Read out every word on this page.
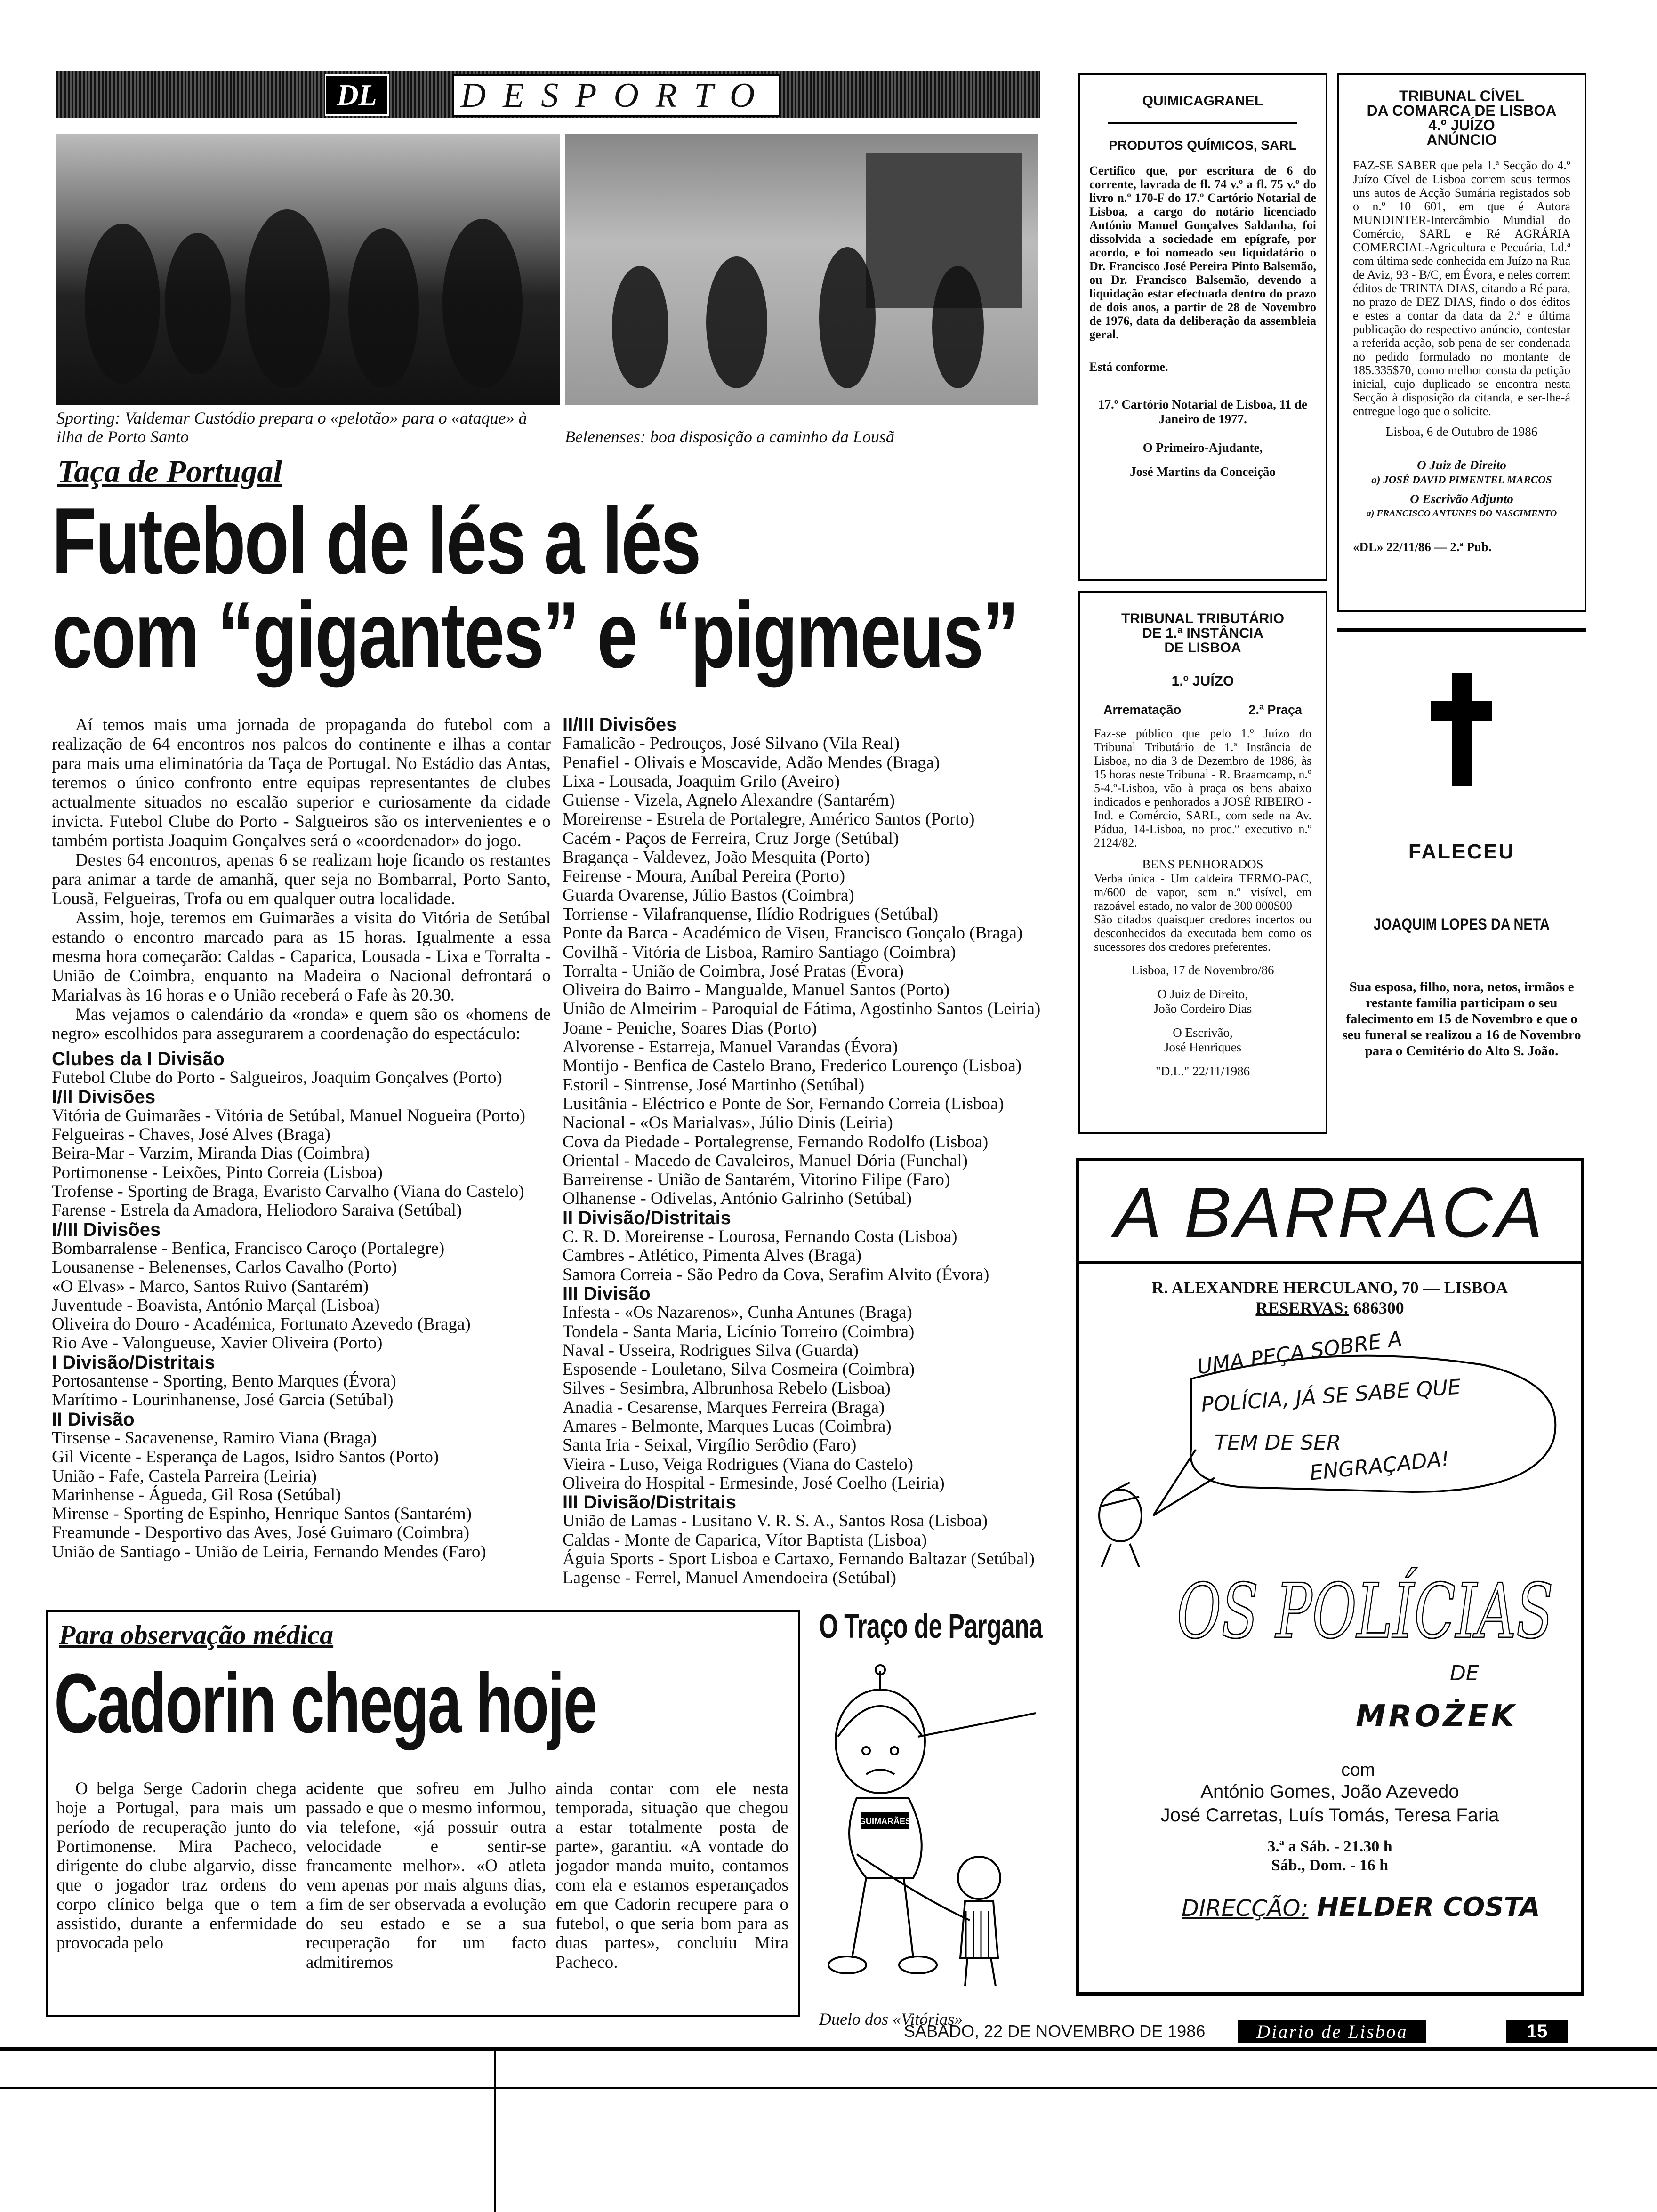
DL DESPORTO
Sporting: Valdemar Custódio prepara o «pelotão» para o «ataque» à ilha de Porto Santo	Belenenses: boa disposição a caminho da Lousã
Taça de Portugal
Futebol de lés a lés
com “gigantes” e “pigmeus”

Aí temos mais uma jornada de propaganda do futebol com a realização de 64 encontros nos palcos do continente e ilhas a contar para mais uma eliminatória da Taça de Portugal. No Estádio das Antas, teremos o único confronto entre equipas representantes de clubes actualmente situados no escalão superior e curiosamente da cidade invicta. Futebol Clube do Porto - Salgueiros são os intervenientes e o também portista Joaquim Gonçalves será o «coordenador» do jogo.

Destes 64 encontros, apenas 6 se realizam hoje ficando os restantes para animar a tarde de amanhã, quer seja no Bombarral, Porto Santo, Lousã, Felgueiras, Trofa ou em qualquer outra localidade.

Assim, hoje, teremos em Guimarães a visita do Vitória de Setúbal estando o encontro marcado para as 15 horas. Igualmente a essa mesma hora começarão: Caldas - Caparica, Lousada - Lixa e Torralta - União de Coimbra, enquanto na Madeira o Nacional defrontará o Marialvas às 16 horas e o União receberá o Fafe às 20.30.

Mas vejamos o calendário da «ronda» e quem são os «homens de negro» escolhidos para assegurarem a coordenação do espectáculo:

Clubes da I Divisão
Futebol Clube do Porto - Salgueiros, Joaquim Gonçalves (Porto)
I/II Divisões
Vitória de Guimarães - Vitória de Setúbal, Manuel Nogueira (Porto)
Felgueiras - Chaves, José Alves (Braga)
Beira-Mar - Varzim, Miranda Dias (Coimbra)
Portimonense - Leixões, Pinto Correia (Lisboa)
Trofense - Sporting de Braga, Evaristo Carvalho (Viana do Castelo)
Farense - Estrela da Amadora, Heliodoro Saraiva (Setúbal)
I/III Divisões
Bombarralense - Benfica, Francisco Caroço (Portalegre)
Lousanense - Belenenses, Carlos Cavalho (Porto)
«O Elvas» - Marco, Santos Ruivo (Santarém)
Juventude - Boavista, António Marçal (Lisboa)
Oliveira do Douro - Académica, Fortunato Azevedo (Braga)
Rio Ave - Valongueuse, Xavier Oliveira (Porto)
I Divisão/Distritais
Portosantense - Sporting, Bento Marques (Évora)
Marítimo - Lourinhanense, José Garcia (Setúbal)
II Divisão
Tirsense - Sacavenense, Ramiro Viana (Braga)
Gil Vicente - Esperança de Lagos, Isidro Santos (Porto)
União - Fafe, Castela Parreira (Leiria)
Marinhense - Águeda, Gil Rosa (Setúbal)
Mirense - Sporting de Espinho, Henrique Santos (Santarém)
Freamunde - Desportivo das Aves, José Guimaro (Coimbra)
União de Santiago - União de Leiria, Fernando Mendes (Faro)
II/III Divisões
Famalicão - Pedrouços, José Silvano (Vila Real)
Penafiel - Olivais e Moscavide, Adão Mendes (Braga)
Lixa - Lousada, Joaquim Grilo (Aveiro)
Guiense - Vizela, Agnelo Alexandre (Santarém)
Moreirense - Estrela de Portalegre, Américo Santos (Porto)
Cacém - Paços de Ferreira, Cruz Jorge (Setúbal)
Bragança - Valdevez, João Mesquita (Porto)
Feirense - Moura, Aníbal Pereira (Porto)
Guarda Ovarense, Júlio Bastos (Coimbra)
Torriense - Vilafranquense, Ilídio Rodrigues (Setúbal)
Ponte da Barca - Académico de Viseu, Francisco Gonçalo (Braga)
Covilhã - Vitória de Lisboa, Ramiro Santiago (Coimbra)
Torralta - União de Coimbra, José Pratas (Évora)
Oliveira do Bairro - Mangualde, Manuel Santos (Porto)
União de Almeirim - Paroquial de Fátima, Agostinho Santos (Leiria)
Joane - Peniche, Soares Dias (Porto)
Alvorense - Estarreja, Manuel Varandas (Évora)
Montijo - Benfica de Castelo Brano, Frederico Lourenço (Lisboa)
Estoril - Sintrense, José Martinho (Setúbal)
Lusitânia - Eléctrico e Ponte de Sor, Fernando Correia (Lisboa)
Nacional - «Os Marialvas», Júlio Dinis (Leiria)
Cova da Piedade - Portalegrense, Fernando Rodolfo (Lisboa)
Oriental - Macedo de Cavaleiros, Manuel Dória (Funchal)
Barreirense - União de Santarém, Vitorino Filipe (Faro)
Olhanense - Odivelas, António Galrinho (Setúbal)
II Divisão/Distritais
C. R. D. Moreirense - Lourosa, Fernando Costa (Lisboa)
Cambres - Atlético, Pimenta Alves (Braga)
Samora Correia - São Pedro da Cova, Serafim Alvito (Évora)
III Divisão
Infesta - «Os Nazarenos», Cunha Antunes (Braga)
Tondela - Santa Maria, Licínio Torreiro (Coimbra)
Naval - Usseira, Rodrigues Silva (Guarda)
Esposende - Louletano, Silva Cosmeira (Coimbra)
Silves - Sesimbra, Albrunhosa Rebelo (Lisboa)
Anadia - Cesarense, Marques Ferreira (Braga)
Amares - Belmonte, Marques Lucas (Coimbra)
Santa Iria - Seixal, Virgílio Serôdio (Faro)
Vieira - Luso, Veiga Rodrigues (Viana do Castelo)
Oliveira do Hospital - Ermesinde, José Coelho (Leiria)
III Divisão/Distritais
União de Lamas - Lusitano V. R. S. A., Santos Rosa (Lisboa)
Caldas - Monte de Caparica, Vítor Baptista (Lisboa)
Águia Sports - Sport Lisboa e Cartaxo, Fernando Baltazar (Setúbal)
Lagense - Ferrel, Manuel Amendoeira (Setúbal)
Para observação médica
Cadorin chega hoje
O belga Serge Cadorin chega hoje a Portugal, para mais um período de recuperação junto do Portimonense. Mira Pacheco, dirigente do clube algarvio, disse que o jogador traz ordens do corpo clínico belga que o tem assistido, durante a enfermidade provocada pelo
acidente que sofreu em Julho passado e que o mesmo informou, via telefone, «já possuir outra velocidade e sentir-se francamente melhor». «O atleta vem apenas por mais alguns dias, a fim de ser observada a evolução do seu estado e se a sua recuperação for um facto admitiremos
ainda contar com ele nesta temporada, situação que chegou a estar totalmente posta de parte», garantiu. «A vontade do jogador manda muito, contamos com ela e estamos esperançados em que Cadorin recupere para o futebol, o que seria bom para as duas partes», concluiu Mira Pacheco.
O Traço de Pargana
GUIMARÃES
Duelo dos «Vitórias»
QUIMICAGRANEL
PRODUTOS QUÍMICOS, SARL
Certifico que, por escritura de 6 do corrente, lavrada de fl. 74 v.º a fl. 75 v.º do livro n.º 170-F do 17.º Cartório Notarial de Lisboa, a cargo do notário licenciado António Manuel Gonçalves Saldanha, foi dissolvida a sociedade em epígrafe, por acordo, e foi nomeado seu liquidatário o Dr. Francisco José Pereira Pinto Balsemão, ou Dr. Francisco Balsemão, devendo a liquidação estar efectuada dentro do prazo de dois anos, a partir de 28 de Novembro de 1976, data da deliberação da assembleia geral.
Está conforme.
17.º Cartório Notarial de Lisboa, 11 de Janeiro de 1977.
O Primeiro-Ajudante,
José Martins da Conceição
TRIBUNAL CÍVEL
DA COMARCA DE LISBOA
4.º JUÍZO
ANÚNCIO
FAZ-SE SABER que pela 1.ª Secção do 4.º Juízo Cível de Lisboa correm seus termos uns autos de Acção Sumária registados sob o n.º 10 601, em que é Autora MUNDINTER-Intercâmbio Mundial do Comércio, SARL e Ré AGRÁRIA COMERCIAL-Agricultura e Pecuária, Ld.ª com última sede conhecida em Juízo na Rua de Aviz, 93 - B/C, em Évora, e neles correm éditos de TRINTA DIAS, citando a Ré para, no prazo de DEZ DIAS, findo o dos éditos e estes a contar da data da 2.ª e última publicação do respectivo anúncio, contestar a referida acção, sob pena de ser condenada no pedido formulado no montante de 185.335$70, como melhor consta da petição inicial, cujo duplicado se encontra nesta Secção à disposição da citanda, e ser-lhe-á entregue logo que o solicite.
Lisboa, 6 de Outubro de 1986
O Juiz de Direito
a) JOSÉ DAVID PIMENTEL MARCOS
O Escrivão Adjunto
a) FRANCISCO ANTUNES DO NASCIMENTO
«DL» 22/11/86 — 2.ª Pub.
TRIBUNAL TRIBUTÁRIO
DE 1.ª INSTÂNCIA
DE LISBOA
1.º JUÍZO
Arrematação	2.ª Praça
Faz-se público que pelo 1.º Juízo do Tribunal Tributário de 1.ª Instância de Lisboa, no dia 3 de Dezembro de 1986, às 15 horas neste Tribunal - R. Braamcamp, n.º 5-4.º-Lisboa, vão à praça os bens abaixo indicados e penhorados a JOSÉ RIBEIRO - Ind. e Comércio, SARL, com sede na Av. Pádua, 14-Lisboa, no proc.º executivo n.º 2124/82.
BENS PENHORADOS
Verba única - Um caldeira TERMO-PAC, m/600 de vapor, sem n.º visível, em razoável estado, no valor de 300 000$00
São citados quaisquer credores incertos ou desconhecidos da executada bem como os sucessores dos credores preferentes.
Lisboa, 17 de Novembro/86
O Juiz de Direito,
João Cordeiro Dias
O Escrivão,
José Henriques
"D.L." 22/11/1986
FALECEU
JOAQUIM LOPES DA NETA
Sua esposa, filho, nora, netos, irmãos e restante família participam o seu falecimento em 15 de Novembro e que o seu funeral se realizou a 16 de Novembro para o Cemitério do Alto S. João.
A BARRACA
R. ALEXANDRE HERCULANO, 70 — LISBOA
RESERVAS: 686300
UMA PEÇA SOBRE A
POLÍCIA, JÁ SE SABE QUE
TEM DE SER
ENGRAÇADA!
OS POLÍCIAS
DE
MROŻEK
com
António Gomes, João Azevedo
José Carretas, Luís Tomás, Teresa Faria
3.ª a Sáb. - 21.30 h
Sáb., Dom. - 16 h
DIRECÇÃO: HELDER COSTA
SÁBADO, 22 DE NOVEMBRO DE 1986	Diario de Lisboa	15
